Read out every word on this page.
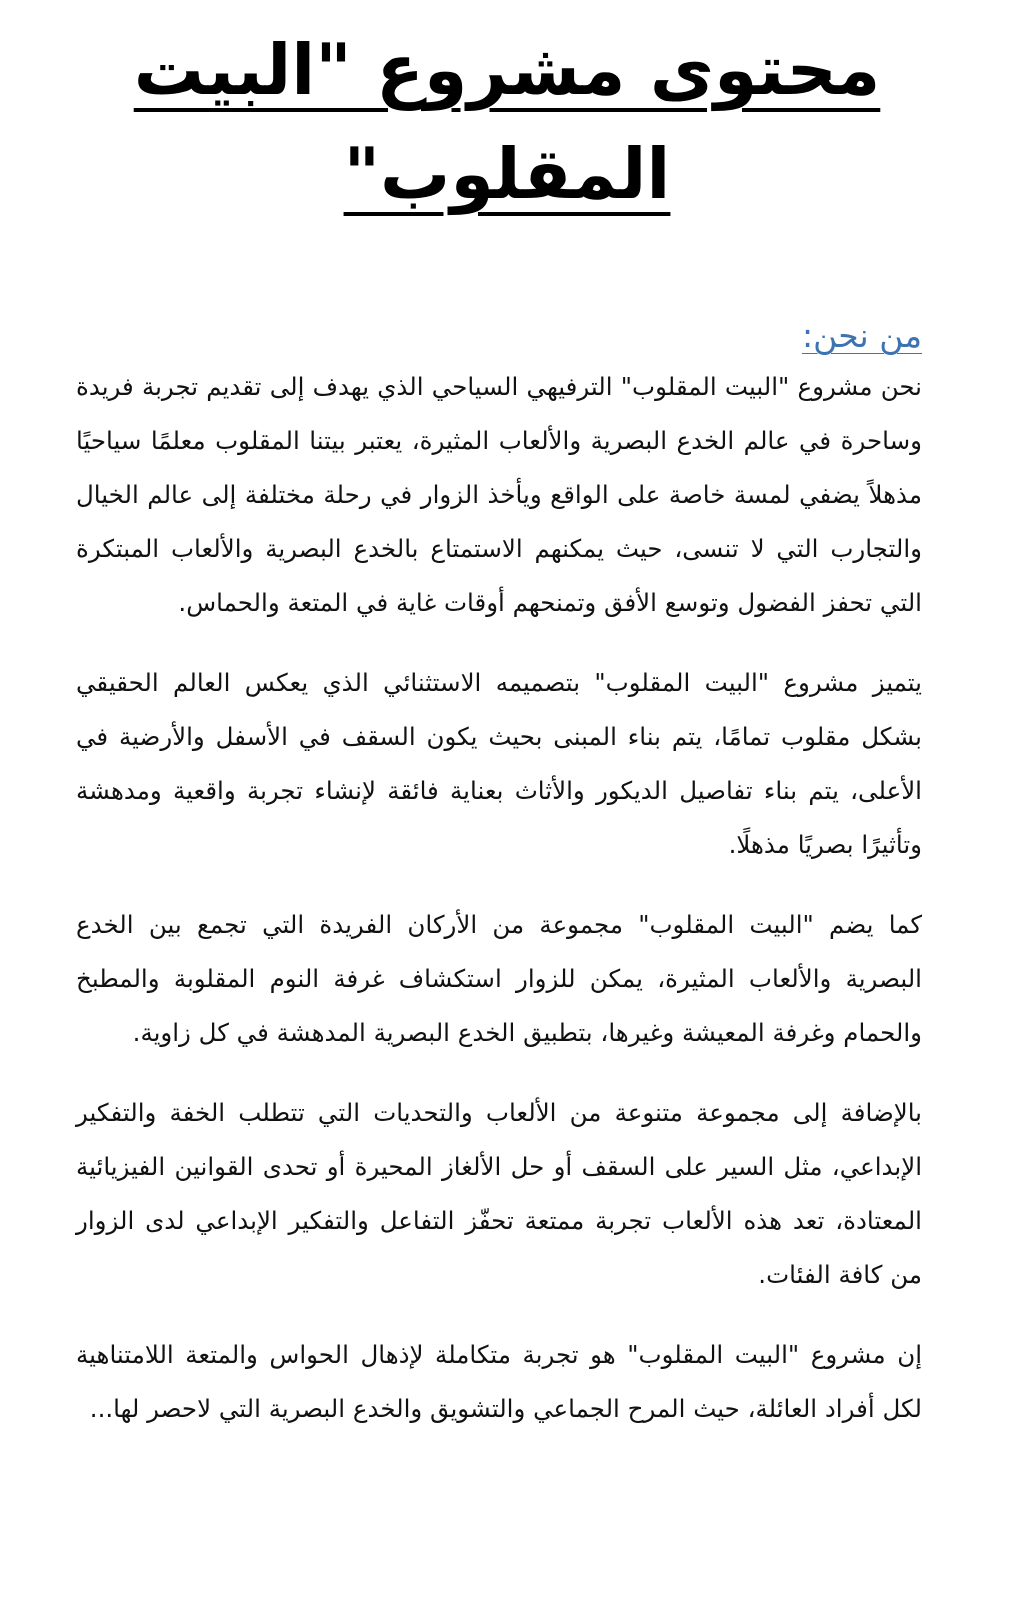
محتوى مشروع "البيت المقلوب"
من نحن:

نحن مشروع "البيت المقلوب" الترفيهي السياحي الذي يهدف إلى تقديم تجربة فريدة وساحرة في عالم الخدع البصرية والألعاب المثيرة، يعتبر بيتنا المقلوب معلمًا سياحيًا مذهلاً يضفي لمسة خاصة على الواقع ويأخذ الزوار في رحلة مختلفة إلى عالم الخيال والتجارب التي لا تنسى، حيث يمكنهم الاستمتاع بالخدع البصرية والألعاب المبتكرة التي تحفز الفضول وتوسع الأفق وتمنحهم أوقات غاية في المتعة والحماس.

يتميز مشروع "البيت المقلوب" بتصميمه الاستثنائي الذي يعكس العالم الحقيقي بشكل مقلوب تمامًا، يتم بناء المبنى بحيث يكون السقف في الأسفل والأرضية في الأعلى، يتم بناء تفاصيل الديكور والأثاث بعناية فائقة لإنشاء تجربة واقعية ومدهشة وتأثيرًا بصريًا مذهلًا.

كما يضم "البيت المقلوب" مجموعة من الأركان الفريدة التي تجمع بين الخدع البصرية والألعاب المثيرة، يمكن للزوار استكشاف غرفة النوم المقلوبة والمطبخ والحمام وغرفة المعيشة وغيرها، بتطبيق الخدع البصرية المدهشة في كل زاوية.

بالإضافة إلى مجموعة متنوعة من الألعاب والتحديات التي تتطلب الخفة والتفكير الإبداعي، مثل السير على السقف أو حل الألغاز المحيرة أو تحدى القوانين الفيزيائية المعتادة، تعد هذه الألعاب تجربة ممتعة تحفّز التفاعل والتفكير الإبداعي لدى الزوار من كافة الفئات.

إن مشروع "البيت المقلوب" هو تجربة متكاملة لإذهال الحواس والمتعة اللامتناهية لكل أفراد العائلة، حيث المرح الجماعي والتشويق والخدع البصرية التي لاحصر لها...
